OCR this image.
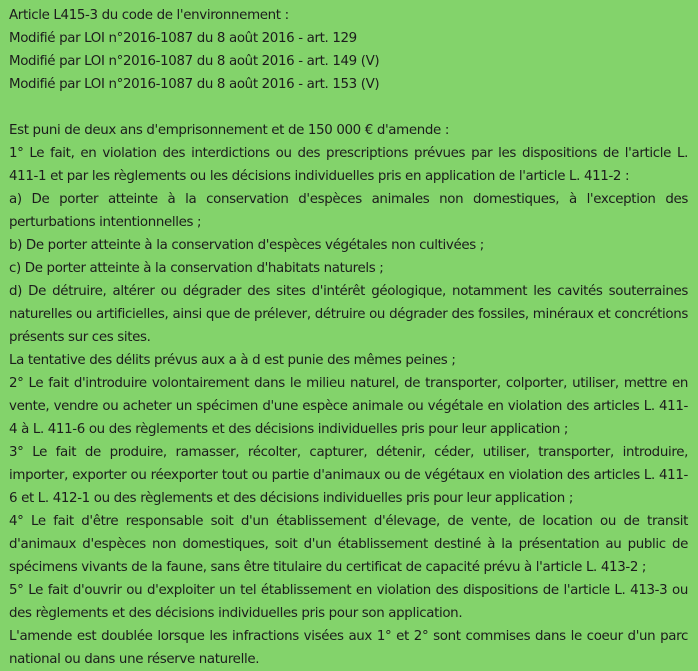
Article L415-3 du code de l'environnement :
Modifié par LOI n°2016-1087 du 8 août 2016 - art. 129
Modifié par LOI n°2016-1087 du 8 août 2016 - art. 149 (V)
Modifié par LOI n°2016-1087 du 8 août 2016 - art. 153 (V)

Est puni de deux ans d'emprisonnement et de 150 000 € d'amende :

1° Le fait, en violation des interdictions ou des prescriptions prévues par les dispositions de l'article L. 411-1 et par les règlements ou les décisions individuelles pris en application de l'article L. 411-2 :

a) De porter atteinte à la conservation d'espèces animales non domestiques, à l'exception des perturbations intentionnelles ;

b) De porter atteinte à la conservation d'espèces végétales non cultivées ;

c) De porter atteinte à la conservation d'habitats naturels ;

d) De détruire, altérer ou dégrader des sites d'intérêt géologique, notamment les cavités souterraines naturelles ou artificielles, ainsi que de prélever, détruire ou dégrader des fossiles, minéraux et concrétions présents sur ces sites.

La tentative des délits prévus aux a à d est punie des mêmes peines ;

2° Le fait d'introduire volontairement dans le milieu naturel, de transporter, colporter, utiliser, mettre en vente, vendre ou acheter un spécimen d'une espèce animale ou végétale en violation des articles L. 411-4 à L. 411-6 ou des règlements et des décisions individuelles pris pour leur application ;

3° Le fait de produire, ramasser, récolter, capturer, détenir, céder, utiliser, transporter, introduire, importer, exporter ou réexporter tout ou partie d'animaux ou de végétaux en violation des articles L. 411-6 et L. 412-1 ou des règlements et des décisions individuelles pris pour leur application ;

4° Le fait d'être responsable soit d'un établissement d'élevage, de vente, de location ou de transit d'animaux d'espèces non domestiques, soit d'un établissement destiné à la présentation au public de spécimens vivants de la faune, sans être titulaire du certificat de capacité prévu à l'article L. 413-2 ;

5° Le fait d'ouvrir ou d'exploiter un tel établissement en violation des dispositions de l'article L. 413-3 ou des règlements et des décisions individuelles pris pour son application.

L'amende est doublée lorsque les infractions visées aux 1° et 2° sont commises dans le coeur d'un parc national ou dans une réserve naturelle.
